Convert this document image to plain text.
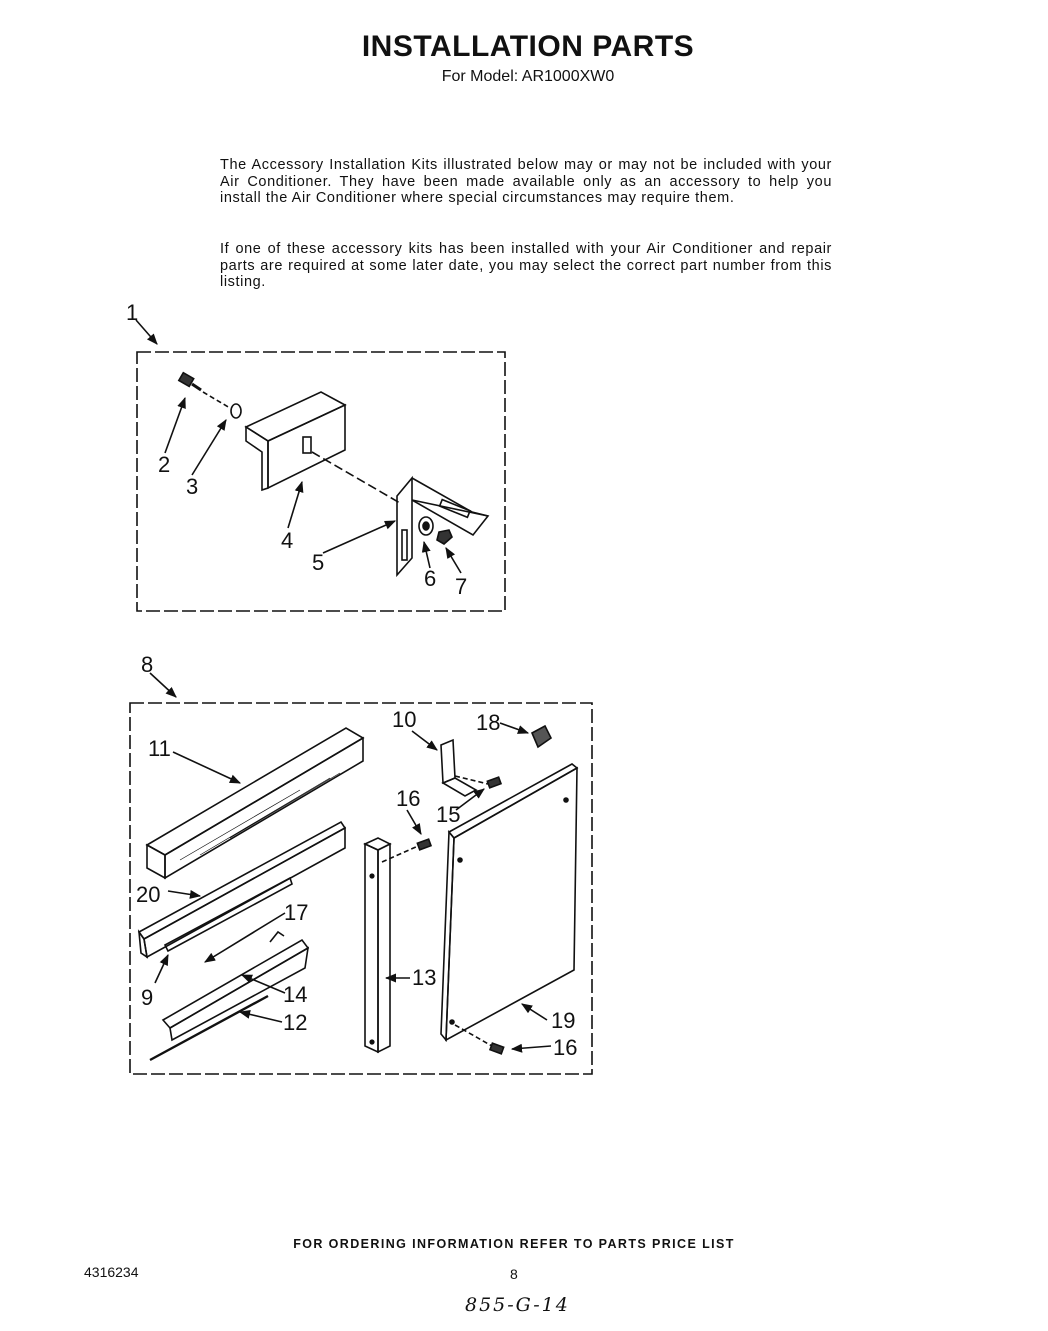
INSTALLATION PARTS
For Model: AR1000XW0
The Accessory Installation Kits illustrated below may or may not be included with your Air Conditioner. They have been made available only as an accessory to help you install the Air Conditioner where special circumstances may require them.
If one of these accessory kits has been installed with your Air Conditioner and repair parts are required at some later date, you may select the correct part number from this listing.
1
2
3
4
5
6 7
8
10	18
11
16
15
20
17
9	14
13
12	19
16
FOR ORDERING INFORMATION REFER TO PARTS PRICE LIST
4316234	8
855-G-14
